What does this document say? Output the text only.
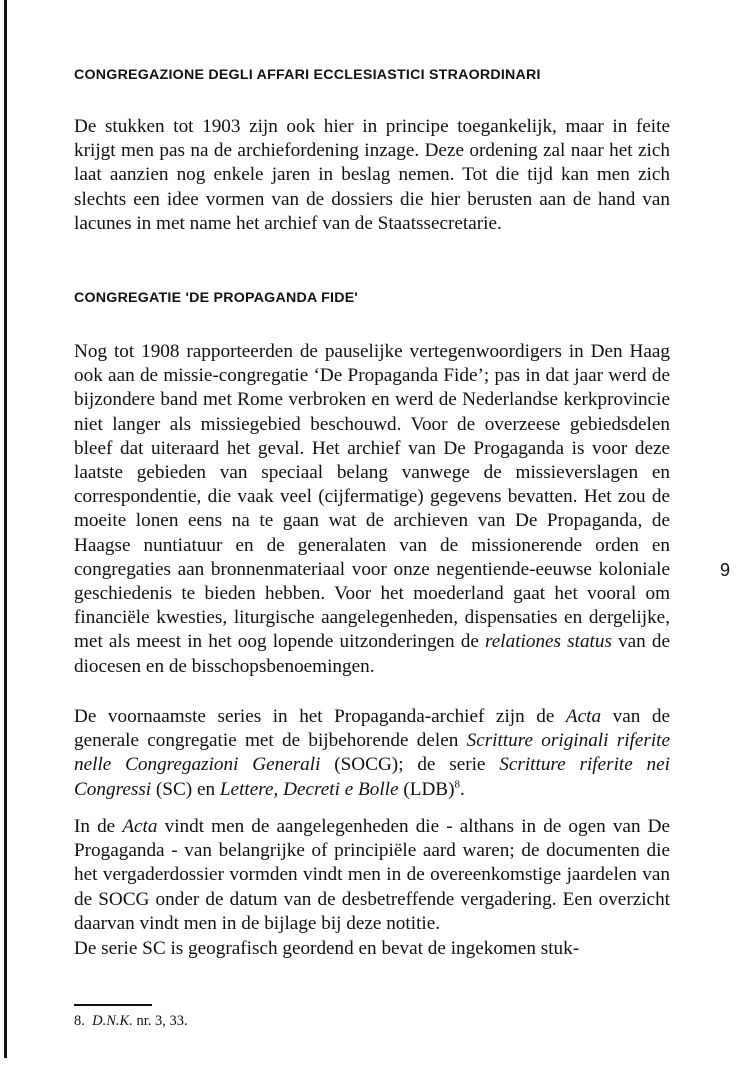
CONGREGAZIONE DEGLI AFFARI ECCLESIASTICI STRAORDINARI

De stukken tot 1903 zijn ook hier in principe toegankelijk, maar in feite krijgt men pas na de archiefordening inzage. Deze ordening zal naar het zich laat aanzien nog enkele jaren in beslag nemen. Tot die tijd kan men zich slechts een idee vormen van de dossiers die hier berusten aan de hand van lacunes in met name het archief van de Staatssecretarie.

CONGREGATIE 'DE PROPAGANDA FIDE'

Nog tot 1908 rapporteerden de pauselijke vertegenwoordigers in Den Haag ook aan de missie-congregatie ‘De Propaganda Fide’; pas in dat jaar werd de bijzondere band met Rome verbroken en werd de Nederlandse kerkprovincie niet langer als missiegebied beschouwd. Voor de overzeese gebiedsdelen bleef dat uiteraard het geval. Het archief van De Progaganda is voor deze laatste gebieden van speciaal belang vanwege de missieverslagen en correspondentie, die vaak veel (cijfermatige) gegevens bevatten. Het zou de moeite lonen eens na te gaan wat de archieven van De Propaganda, de Haagse nuntiatuur en de generalaten van de missionerende orden en congregaties aan bronnenmateriaal voor onze negentiende-eeuwse koloniale geschiedenis te bieden hebben. Voor het moederland gaat het vooral om financiële kwesties, liturgische aangelegenheden, dispensaties en dergelijke, met als meest in het oog lopende uitzonderingen de relationes status van de diocesen en de bisschopsbenoemingen.

De voornaamste series in het Propaganda-archief zijn de Acta van de generale congregatie met de bijbehorende delen Scritture originali riferite nelle Congregazioni Generali (SOCG); de serie Scritture riferite nei Congressi (SC) en Lettere, Decreti e Bolle (LDB)$^8$.

In de Acta vindt men de aangelegenheden die - althans in de ogen van De Progaganda - van belangrijke of principiële aard waren; de documenten die het vergaderdossier vormden vindt men in de overeenkomstige jaardelen van de SOCG onder de datum van de desbetreffende vergadering. Een overzicht daarvan vindt men in de bijlage bij deze notitie.

De serie SC is geografisch geordend en bevat de ingekomen stuk-

8. D.N.K. nr. 3, 33.

9
